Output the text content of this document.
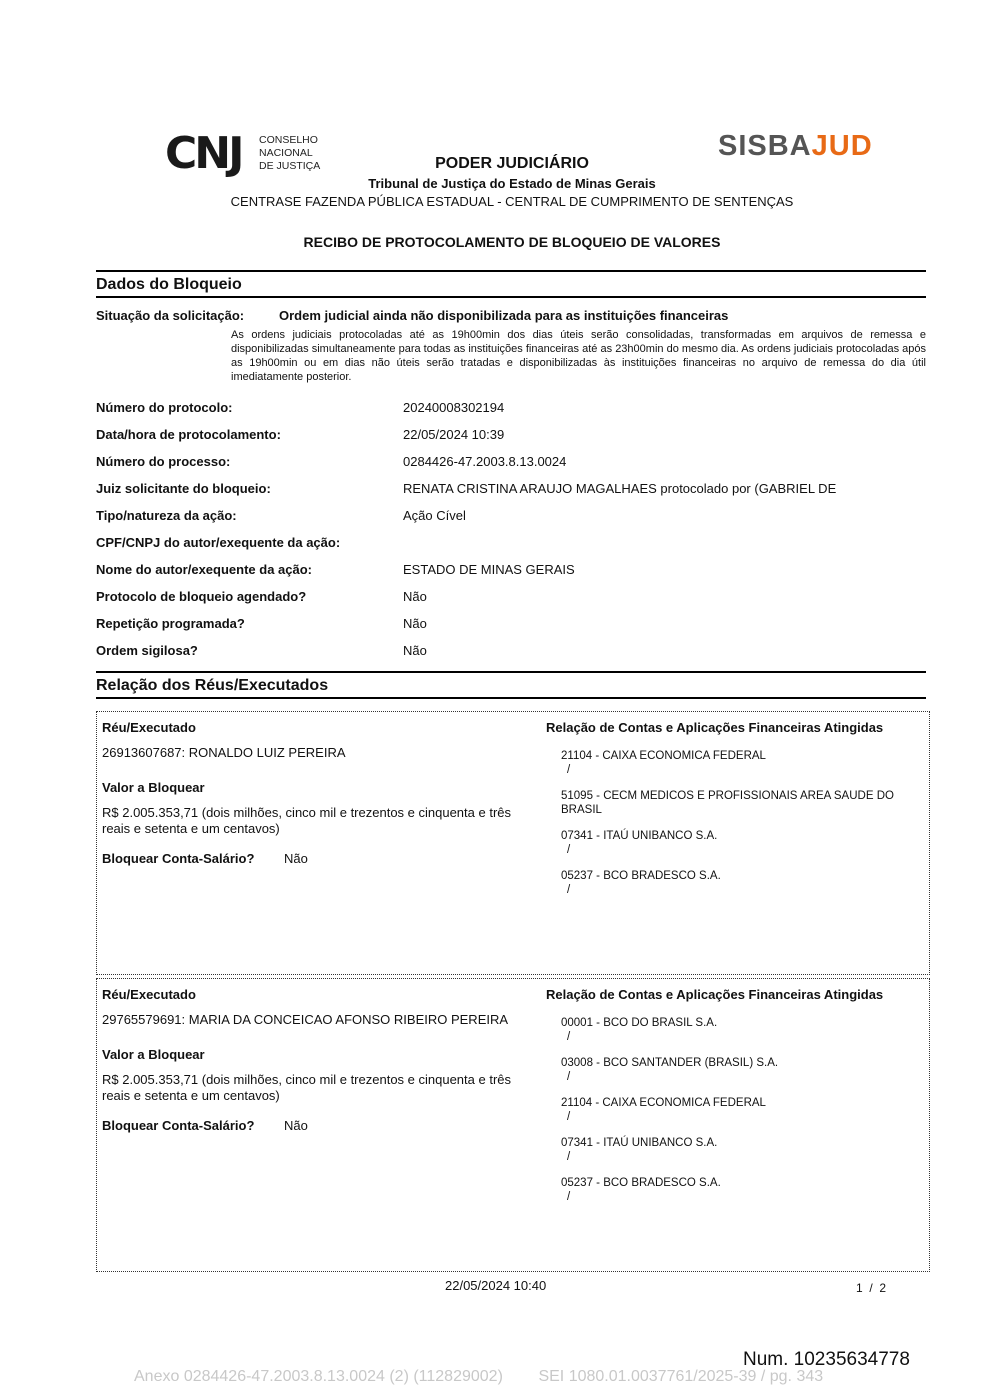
CNJ CONSELHO
NACIONAL
DE JUSTIÇA
SISBAJUD
PODER JUDICIÁRIO
Tribunal de Justiça do Estado de Minas Gerais
CENTRASE FAZENDA PÚBLICA ESTADUAL - CENTRAL DE CUMPRIMENTO DE SENTENÇAS
RECIBO DE PROTOCOLAMENTO DE BLOQUEIO DE VALORES
Dados do Bloqueio
Situação da solicitação:	Ordem judicial ainda não disponibilizada para as instituições financeiras
As ordens judiciais protocoladas até as 19h00min dos dias úteis serão consolidadas, transformadas em arquivos de remessa e disponibilizadas simultaneamente para todas as instituições financeiras até as 23h00min do mesmo dia. As ordens judiciais protocoladas após as 19h00min ou em dias não úteis serão tratadas e disponibilizadas às instituições financeiras no arquivo de remessa do dia útil imediatamente posterior.
Número do protocolo:	20240008302194
Data/hora de protocolamento:	22/05/2024 10:39
Número do processo:	0284426-47.2003.8.13.0024
Juiz solicitante do bloqueio:	RENATA CRISTINA ARAUJO MAGALHAES protocolado por (GABRIEL DE
Tipo/natureza da ação:	Ação Cível
CPF/CNPJ do autor/exequente da ação:
Nome do autor/exequente da ação:	ESTADO DE MINAS GERAIS
Protocolo de bloqueio agendado?	Não
Repetição programada?	Não
Ordem sigilosa?	Não
Relação dos Réus/Executados
Réu/Executado
26913607687: RONALDO LUIZ PEREIRA
Valor a Bloquear
R$ 2.005.353,71 (dois milhões, cinco mil e trezentos e cinquenta e três reais e setenta e um centavos)
Bloquear Conta-Salário? Não
Relação de Contas e Aplicações Financeiras Atingidas
21104 - CAIXA ECONOMICA FEDERAL
/
51095 - CECM MEDICOS E PROFISSIONAIS AREA SAUDE DO BRASIL
07341 - ITAÚ UNIBANCO S.A.
/
05237 - BCO BRADESCO S.A.
/
Réu/Executado
29765579691: MARIA DA CONCEICAO AFONSO RIBEIRO PEREIRA
Valor a Bloquear
R$ 2.005.353,71 (dois milhões, cinco mil e trezentos e cinquenta e três reais e setenta e um centavos)
Bloquear Conta-Salário? Não
Relação de Contas e Aplicações Financeiras Atingidas
00001 - BCO DO BRASIL S.A.
/
03008 - BCO SANTANDER (BRASIL) S.A.
/
21104 - CAIXA ECONOMICA FEDERAL
/
07341 - ITAÚ UNIBANCO S.A.
/
05237 - BCO BRADESCO S.A.
/
22/05/2024 10:40	1  /  2
Num. 10235634778
Anexo 0284426-47.2003.8.13.0024 (2) (112829002)        SEI 1080.01.0037761/2025-39 / pg. 343
